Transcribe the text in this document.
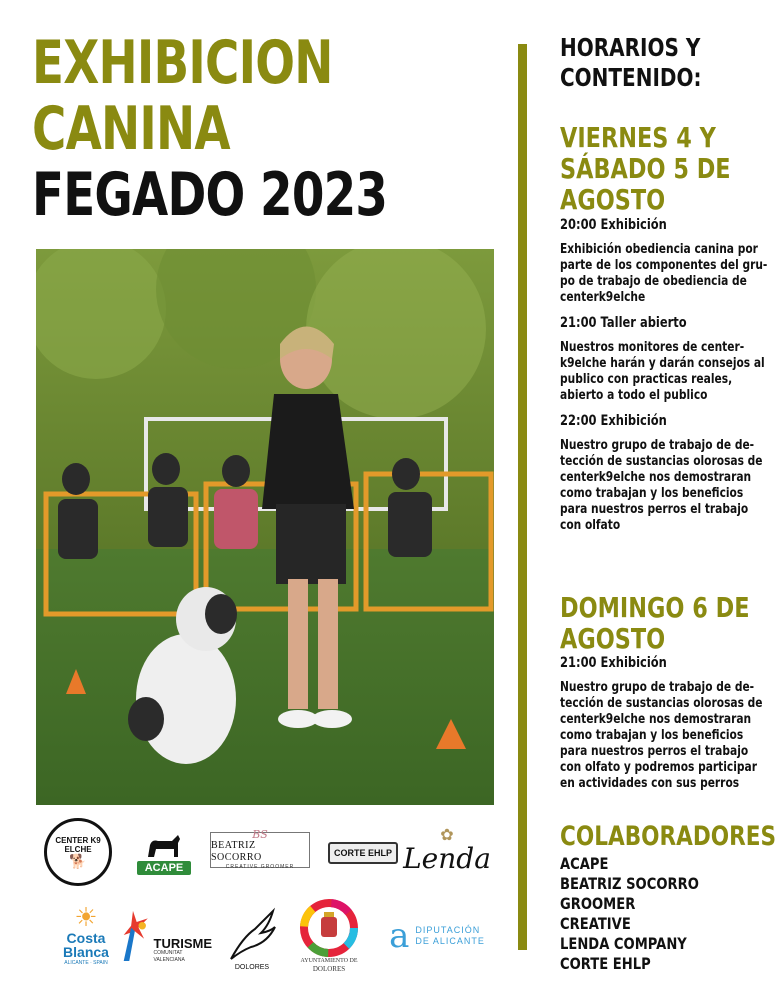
EXHIBICION
CANINA
FEGADO 2023
HORARIOS Y
CONTENIDO:
VIERNES 4 Y
SÁBADO 5 DE
AGOSTO
20:00 Exhibición
Exhibición obediencia canina por
parte de los componentes del gru-
po de trabajo de obediencia de
centerk9elche
21:00 Taller abierto
Nuestros monitores de center-
k9elche harán y darán consejos al
publico con practicas reales,
abierto a todo el publico
22:00 Exhibición
Nuestro grupo de trabajo de de-
tección de sustancias olorosas de
centerk9elche nos demostraran
como trabajan y los beneficios
para nuestros perros el trabajo
con olfato
DOMINGO 6 DE
AGOSTO
21:00 Exhibición
Nuestro grupo de trabajo de de-
tección de sustancias olorosas de
centerk9elche nos demostraran
como trabajan y los beneficios
para nuestros perros el trabajo
con olfato y podremos participar
en actividades con sus perros
COLABORADORES
ACAPE
BEATRIZ SOCORRO GROOMER
CREATIVE
LENDA COMPANY
CORTE EHLP
CENTER K9 ELCHE
🐕	ACAPE
BS
BEATRIZ SOCORRO
CREATIVE GROOMER
CORTE EHLP
✿
Lenda
☀
Costa
Blanca
ALICANTE · SPAIN
TURISME
COMUNITAT VALENCIANA
DOLORES
AYUNTAMIENTO DE
DOLORES
a DIPUTACIÓN
DE ALICANTE
